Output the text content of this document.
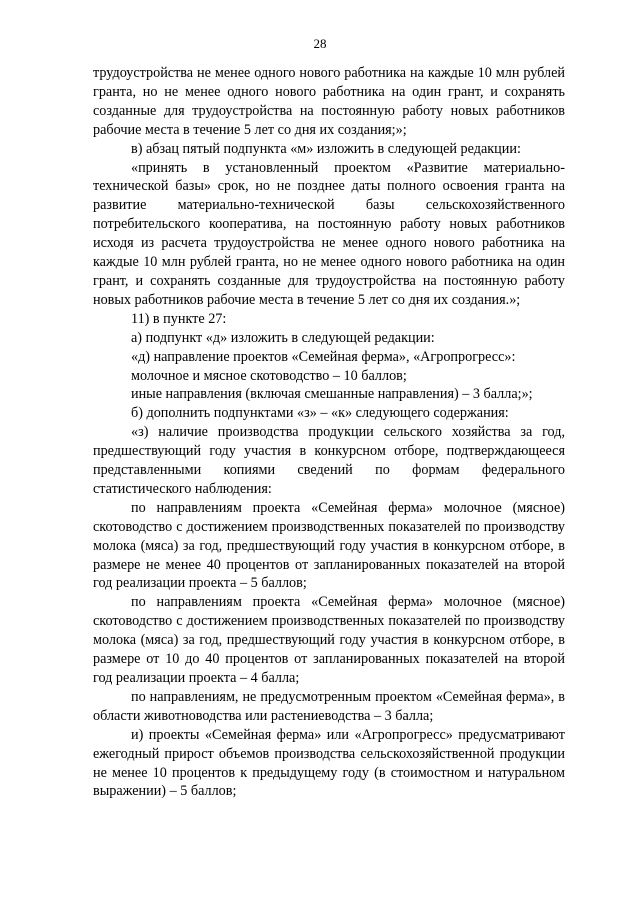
28

трудоустройства не менее одного нового работника на каждые 10 млн рублей гранта, но не менее одного нового работника на один грант, и сохранять созданные для трудоустройства на постоянную работу новых работников рабочие места в течение 5 лет со дня их создания;»;

в) абзац пятый подпункта «м» изложить в следующей редакции:

«принять в установленный проектом «Развитие материально-технической базы» срок, но не позднее даты полного освоения гранта на развитие материально-технической базы сельскохозяйственного потребительского кооператива, на постоянную работу новых работников исходя из расчета трудоустройства не менее одного нового работника на каждые 10 млн рублей гранта, но не менее одного нового работника на один грант, и сохранять созданные для трудоустройства на постоянную работу новых работников рабочие места в течение 5 лет со дня их создания.»;

11) в пункте 27:

а) подпункт «д» изложить в следующей редакции:

«д) направление проектов «Семейная ферма», «Агропрогресс»:

молочное и мясное скотоводство – 10 баллов;

иные направления (включая смешанные направления) – 3 балла;»;

б) дополнить подпунктами «з» – «к» следующего содержания:

«з) наличие производства продукции сельского хозяйства за год, предшествующий году участия в конкурсном отборе, подтверждающееся представленными копиями сведений по формам федерального статистического наблюдения:

по направлениям проекта «Семейная ферма» молочное (мясное) скотоводство с достижением производственных показателей по производству молока (мяса) за год, предшествующий году участия в конкурсном отборе, в размере не менее 40 процентов от запланированных показателей на второй год реализации проекта – 5 баллов;

по направлениям проекта «Семейная ферма» молочное (мясное) скотоводство с достижением производственных показателей по производству молока (мяса) за год, предшествующий году участия в конкурсном отборе, в размере от 10 до 40 процентов от запланированных показателей на второй год реализации проекта – 4 балла;

по направлениям, не предусмотренным проектом «Семейная ферма», в области животноводства или растениеводства – 3 балла;

и) проекты «Семейная ферма» или «Агропрогресс» предусматривают ежегодный прирост объемов производства сельскохозяйственной продукции не менее 10 процентов к предыдущему году (в стоимостном и натуральном выражении) – 5 баллов;
